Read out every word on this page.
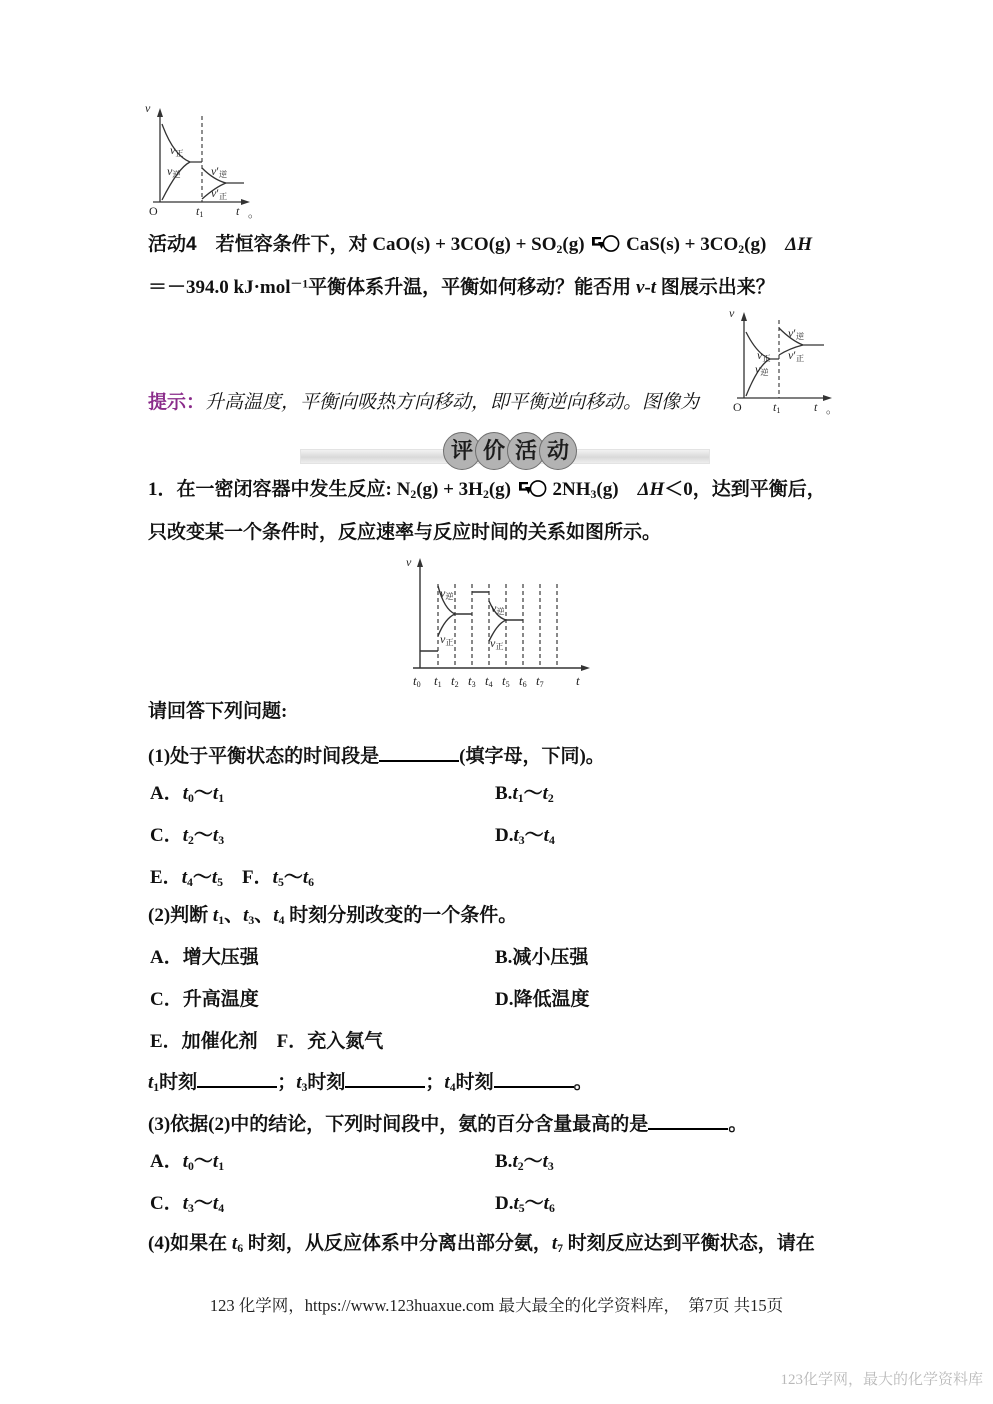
v
O	$t_1$	t 。
$v_正$
$v_逆$	$v'_逆$
$v'_正$
活动4　若恒容条件下，对 $CaO(s) + 3CO(g) + SO_2(g) CaS(s) + 3CO_2(g)$　ΔH
＝－394.0 kJ·mol$^{-1}$平衡体系升温，平衡如何移动？能否用 v-t 图展示出来？
v
O	$t_1$	t 。
$v_正$
$v_逆$
$v'_逆$
$v'_正$
提示：升高温度，平衡向吸热方向移动，即平衡逆向移动。图像为
评 价 活 动
1．在一密闭容器中发生反应: $N_2(g) + 3H_2(g)$  $2NH_3(g)$　ΔH＜0，达到平衡后，
只改变某一个条件时，反应速率与反应时间的关系如图所示。
v
$v_逆$
$v_正$
$v_逆$
$v_正$
$t_0$ $t_1$ $t_2$ $t_3$ $t_4$ $t_5$ $t_6$ $t_7$ t
请回答下列问题:
(1)处于平衡状态的时间段是	(填字母，下同)。
A．$t_0\sim t_1$	$B.t_1\sim t_2$
C．$t_2\sim t_3$	$D.t_3\sim t_4$
E．$t_4\sim t_5$　F．$t_5\sim t_6$
(2)判断 $t_1$、$t_3$、$t_4$ 时刻分别改变的一个条件。
A．增大压强	B.减小压强
C．升高温度	D.降低温度
E．加催化剂　F．充入氮气
$t_1$时刻	；$t_3$时刻	；$t_4$时刻	。
(3)依据(2)中的结论，下列时间段中，氨的百分含量最高的是	。
A．$t_0\sim t_1$	$B.t_2\sim t_3$
C．$t_3\sim t_4$	$D.t_5\sim t_6$
(4)如果在 $t_6$ 时刻，从反应体系中分离出部分氨，$t_7$ 时刻反应达到平衡状态，请在
123 化学网，https://www.123huaxue.com 最大最全的化学资料库，　第7页 共15页
123化学网，最大的化学资料库
